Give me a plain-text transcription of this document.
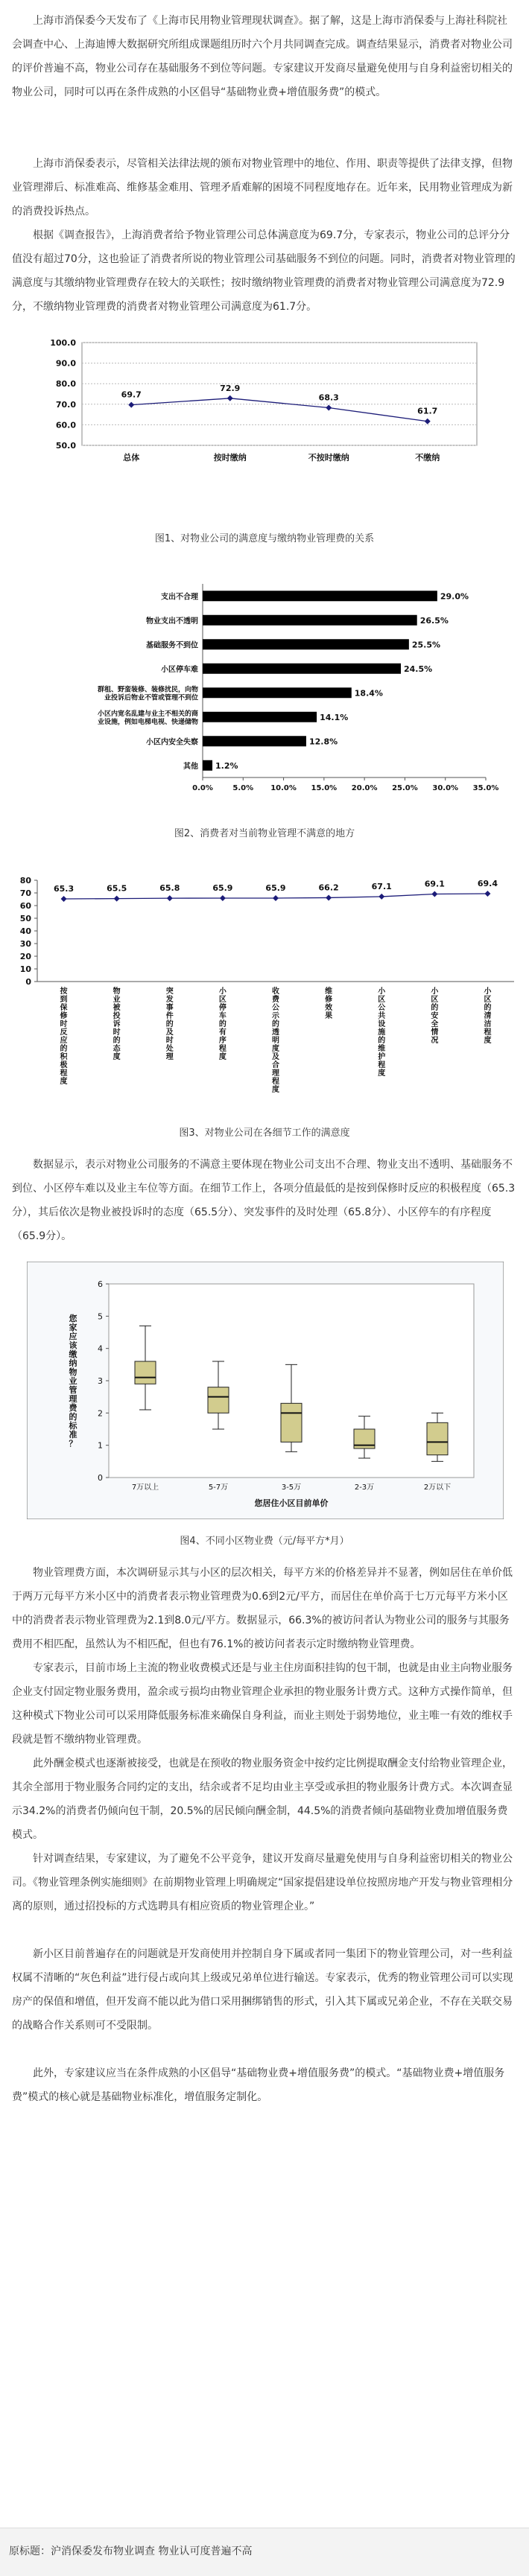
上海市消保委今天发布了《上海市民用物业管理现状调查》。据了解，这是上海市消保委与上海社科院社会调查中心、上海迪博大数据研究所组成课题组历时六个月共同调查完成。调查结果显示，消费者对物业公司的评价普遍不高，物业公司存在基础服务不到位等问题。专家建议开发商尽量避免使用与自身利益密切相关的物业公司，同时可以再在条件成熟的小区倡导“基础物业费+增值服务费”的模式。

上海市消保委表示，尽管相关法律法规的颁布对物业管理中的地位、作用、职责等提供了法律支撑，但物业管理滞后、标准难高、维修基金难用、管理矛盾难解的困境不同程度地存在。近年来，民用物业管理成为新的消费投诉热点。

根据《调查报告》，上海消费者给予物业管理公司总体满意度为69.7分，专家表示，物业公司的总评分分值没有超过70分，这也验证了消费者所说的物业管理公司基础服务不到位的问题。同时，消费者对物业管理的满意度与其缴纳物业管理费存在较大的关联性；按时缴纳物业管理费的消费者对物业管理公司满意度为72.9分，不缴纳物业管理费的消费者对物业管理公司满意度为61.7分。

50.0
60.0
70.0
80.0
90.0
100.0
69.7
总体
72.9
按时缴纳
68.3
不按时缴纳
61.7
不缴纳
图1、对物业公司的满意度与缴纳物业管理费的关系
29.0%
支出不合理
26.5%
物业支出不透明
25.5%
基础服务不到位
24.5%
小区停车难
18.4%
群租、野蛮装修、装修扰民，向物业投诉后物业不管或管理不到位
14.1%
小区内宽名乱建与业主不相关的商业设施，例如电梯电视、快递储物
12.8%
小区内安全失察
1.2%
其他
0.0%	5.0% 10.0% 15.0% 20.0% 25.0% 30.0% 35.0%
图2、消费者对当前物业管理不满意的地方
0
10
20
30
40
50
60
70
80
65.3
按到保修时反应的积极程度
65.5
物业被投诉时的态度
65.8
突发事件的及时处理
65.9
小区停车的有序程度
65.9
收费公示的透明度及合理程度
66.2
维修效果
67.1
小区公共设施的维护程度
69.1
小区的安全情况
69.4
小区的清洁程度
图3、对物业公司在各细节工作的满意度

数据显示，表示对物业公司服务的不满意主要体现在物业公司支出不合理、物业支出不透明、基础服务不到位、小区停车难以及业主车位等方面。在细节工作上，各项分值最低的是按到保修时反应的积极程度（65.3分），其后依次是物业被投诉时的态度（65.5分）、突发事件的及时处理（65.8分）、小区停车的有序程度（65.9分）。

0
1
2
3
4
5
6
您家应该缴纳物业管理费的标准？
7万以上	5-7万	3-5万	2-3万	2万以下
您居住小区目前单价
图4、不同小区物业费（元/每平方*月）

物业管理费方面，本次调研显示其与小区的层次相关，每平方米的价格差异并不显著，例如居住在单价低于两万元每平方米小区中的消费者表示物业管理费为0.6到2元/平方，而居住在单价高于七万元每平方米小区中的消费者表示物业管理费为2.1到8.0元/平方。数据显示，66.3%的被访问者认为物业公司的服务与其服务费用不相匹配，虽然认为不相匹配，但也有76.1%的被访问者表示定时缴纳物业管理费。

专家表示，目前市场上主流的物业收费模式还是与业主住房面积挂钩的包干制，也就是由业主向物业服务企业支付固定物业服务费用，盈余或亏损均由物业管理企业承担的物业服务计费方式。这种方式操作简单，但这种模式下物业公司可以采用降低服务标准来确保自身利益，而业主则处于弱势地位，业主唯一有效的维权手段就是暂不缴纳物业管理费。

此外酬金模式也逐渐被接受，也就是在预收的物业服务资金中按约定比例提取酬金支付给物业管理企业，其余全部用于物业服务合同约定的支出，结余或者不足均由业主享受或承担的物业服务计费方式。本次调查显示34.2%的消费者仍倾向包干制，20.5%的居民倾向酬金制，44.5%的消费者倾向基础物业费加增值服务费模式。

针对调查结果，专家建议，为了避免不公平竞争，建议开发商尽量避免使用与自身利益密切相关的物业公司。《物业管理条例实施细则》在前期物业管理上明确规定“国家提倡建设单位按照房地产开发与物业管理相分离的原则，通过招投标的方式选聘具有相应资质的物业管理企业。”

新小区目前普遍存在的问题就是开发商使用并控制自身下属或者同一集团下的物业管理公司，对一些利益权属不清晰的“灰色利益”进行侵占或向其上级或兄弟单位进行输送。专家表示，优秀的物业管理公司可以实现房产的保值和增值，但开发商不能以此为借口采用捆绑销售的形式，引入其下属或兄弟企业，不存在关联交易的战略合作关系则可不受限制。

此外，专家建议应当在条件成熟的小区倡导“基础物业费+增值服务费”的模式。“基础物业费+增值服务费”模式的核心就是基础物业标准化，增值服务定制化。

原标题：沪消保委发布物业调查 物业认可度普遍不高
